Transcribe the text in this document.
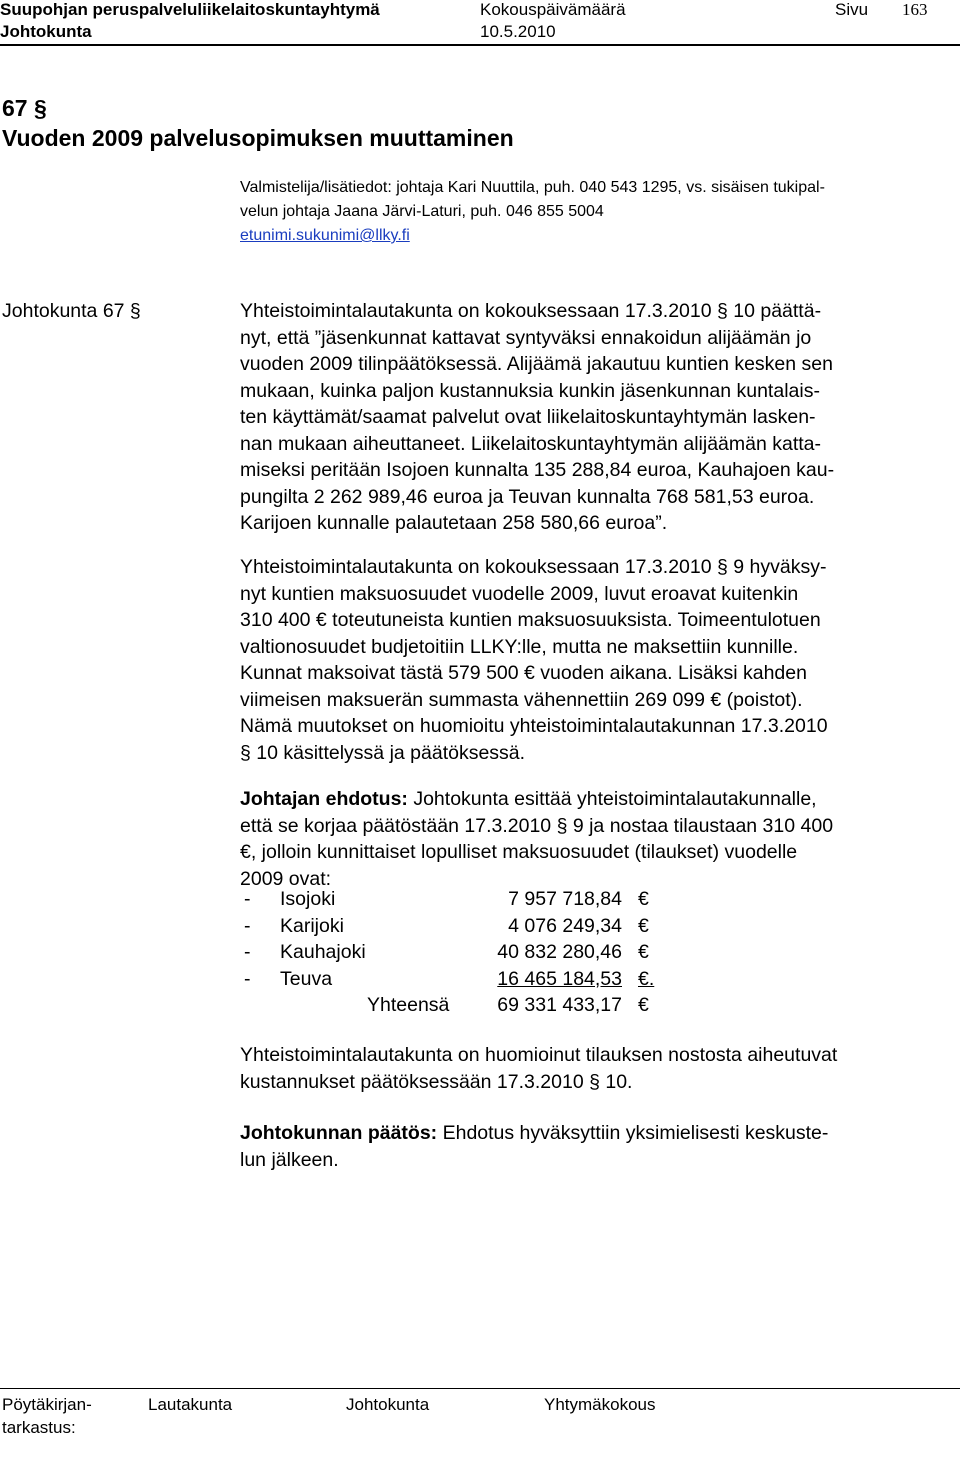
Suupohjan peruspalveluliikelaitoskuntayhtymä	Kokouspäivämäärä	Sivu 163
Johtokunta	10.5.2010
67 §
Vuoden 2009 palvelusopimuksen muuttaminen
Valmistelija/lisätiedot: johtaja Kari Nuuttila, puh. 040 543 1295, vs. sisäisen tukipal-
velun johtaja Jaana Järvi-Laturi, puh. 046 855 5004
etunimi.sukunimi@llky.fi
Johtokunta 67 §	Yhteistoimintalautakunta on kokouksessaan 17.3.2010 § 10 päättä-
nyt, että ”jäsenkunnat kattavat syntyväksi ennakoidun alijäämän jo
vuoden 2009 tilinpäätöksessä. Alijäämä jakautuu kuntien kesken sen
mukaan, kuinka paljon kustannuksia kunkin jäsenkunnan kuntalais-
ten käyttämät/saamat palvelut ovat liikelaitoskuntayhtymän lasken-
nan mukaan aiheuttaneet. Liikelaitoskuntayhtymän alijäämän katta-
miseksi peritään Isojoen kunnalta 135 288,84 euroa, Kauhajoen kau-
pungilta 2 262 989,46 euroa ja Teuvan kunnalta 768 581,53 euroa.
Karijoen kunnalle palautetaan 258 580,66 euroa”.
Yhteistoimintalautakunta on kokouksessaan 17.3.2010 § 9 hyväksy-
nyt kuntien maksuosuudet vuodelle 2009, luvut eroavat kuitenkin
310 400 € toteutuneista kuntien maksuosuuksista. Toimeentulotuen
valtionosuudet budjetoitiin LLKY:lle, mutta ne maksettiin kunnille.
Kunnat maksoivat tästä 579 500 € vuoden aikana. Lisäksi kahden
viimeisen maksuerän summasta vähennettiin 269 099 € (poistot).
Nämä muutokset on huomioitu yhteistoimintalautakunnan 17.3.2010
§ 10 käsittelyssä ja päätöksessä.
Johtajan ehdotus: Johtokunta esittää yhteistoimintalautakunnalle,
että se korjaa päätöstään 17.3.2010 § 9 ja nostaa tilaustaan 310 400
€, jolloin kunnittaiset lopulliset maksuosuudet (tilaukset) vuodelle
2009 ovat:
- Isojoki	7 957 718,84 €
- Karijoki	4 076 249,34 €
- Kauhajoki	40 832 280,46 €
- Teuva	16 465 184,53 €.
Yhteensä 69 331 433,17 €
Yhteistoimintalautakunta on huomioinut tilauksen nostosta aiheutuvat
kustannukset päätöksessään 17.3.2010 § 10.
Johtokunnan päätös: Ehdotus hyväksyttiin yksimielisesti keskuste-
lun jälkeen.
Pöytäkirjan-
tarkastus:
Lautakunta	Johtokunta	Yhtymäkokous
